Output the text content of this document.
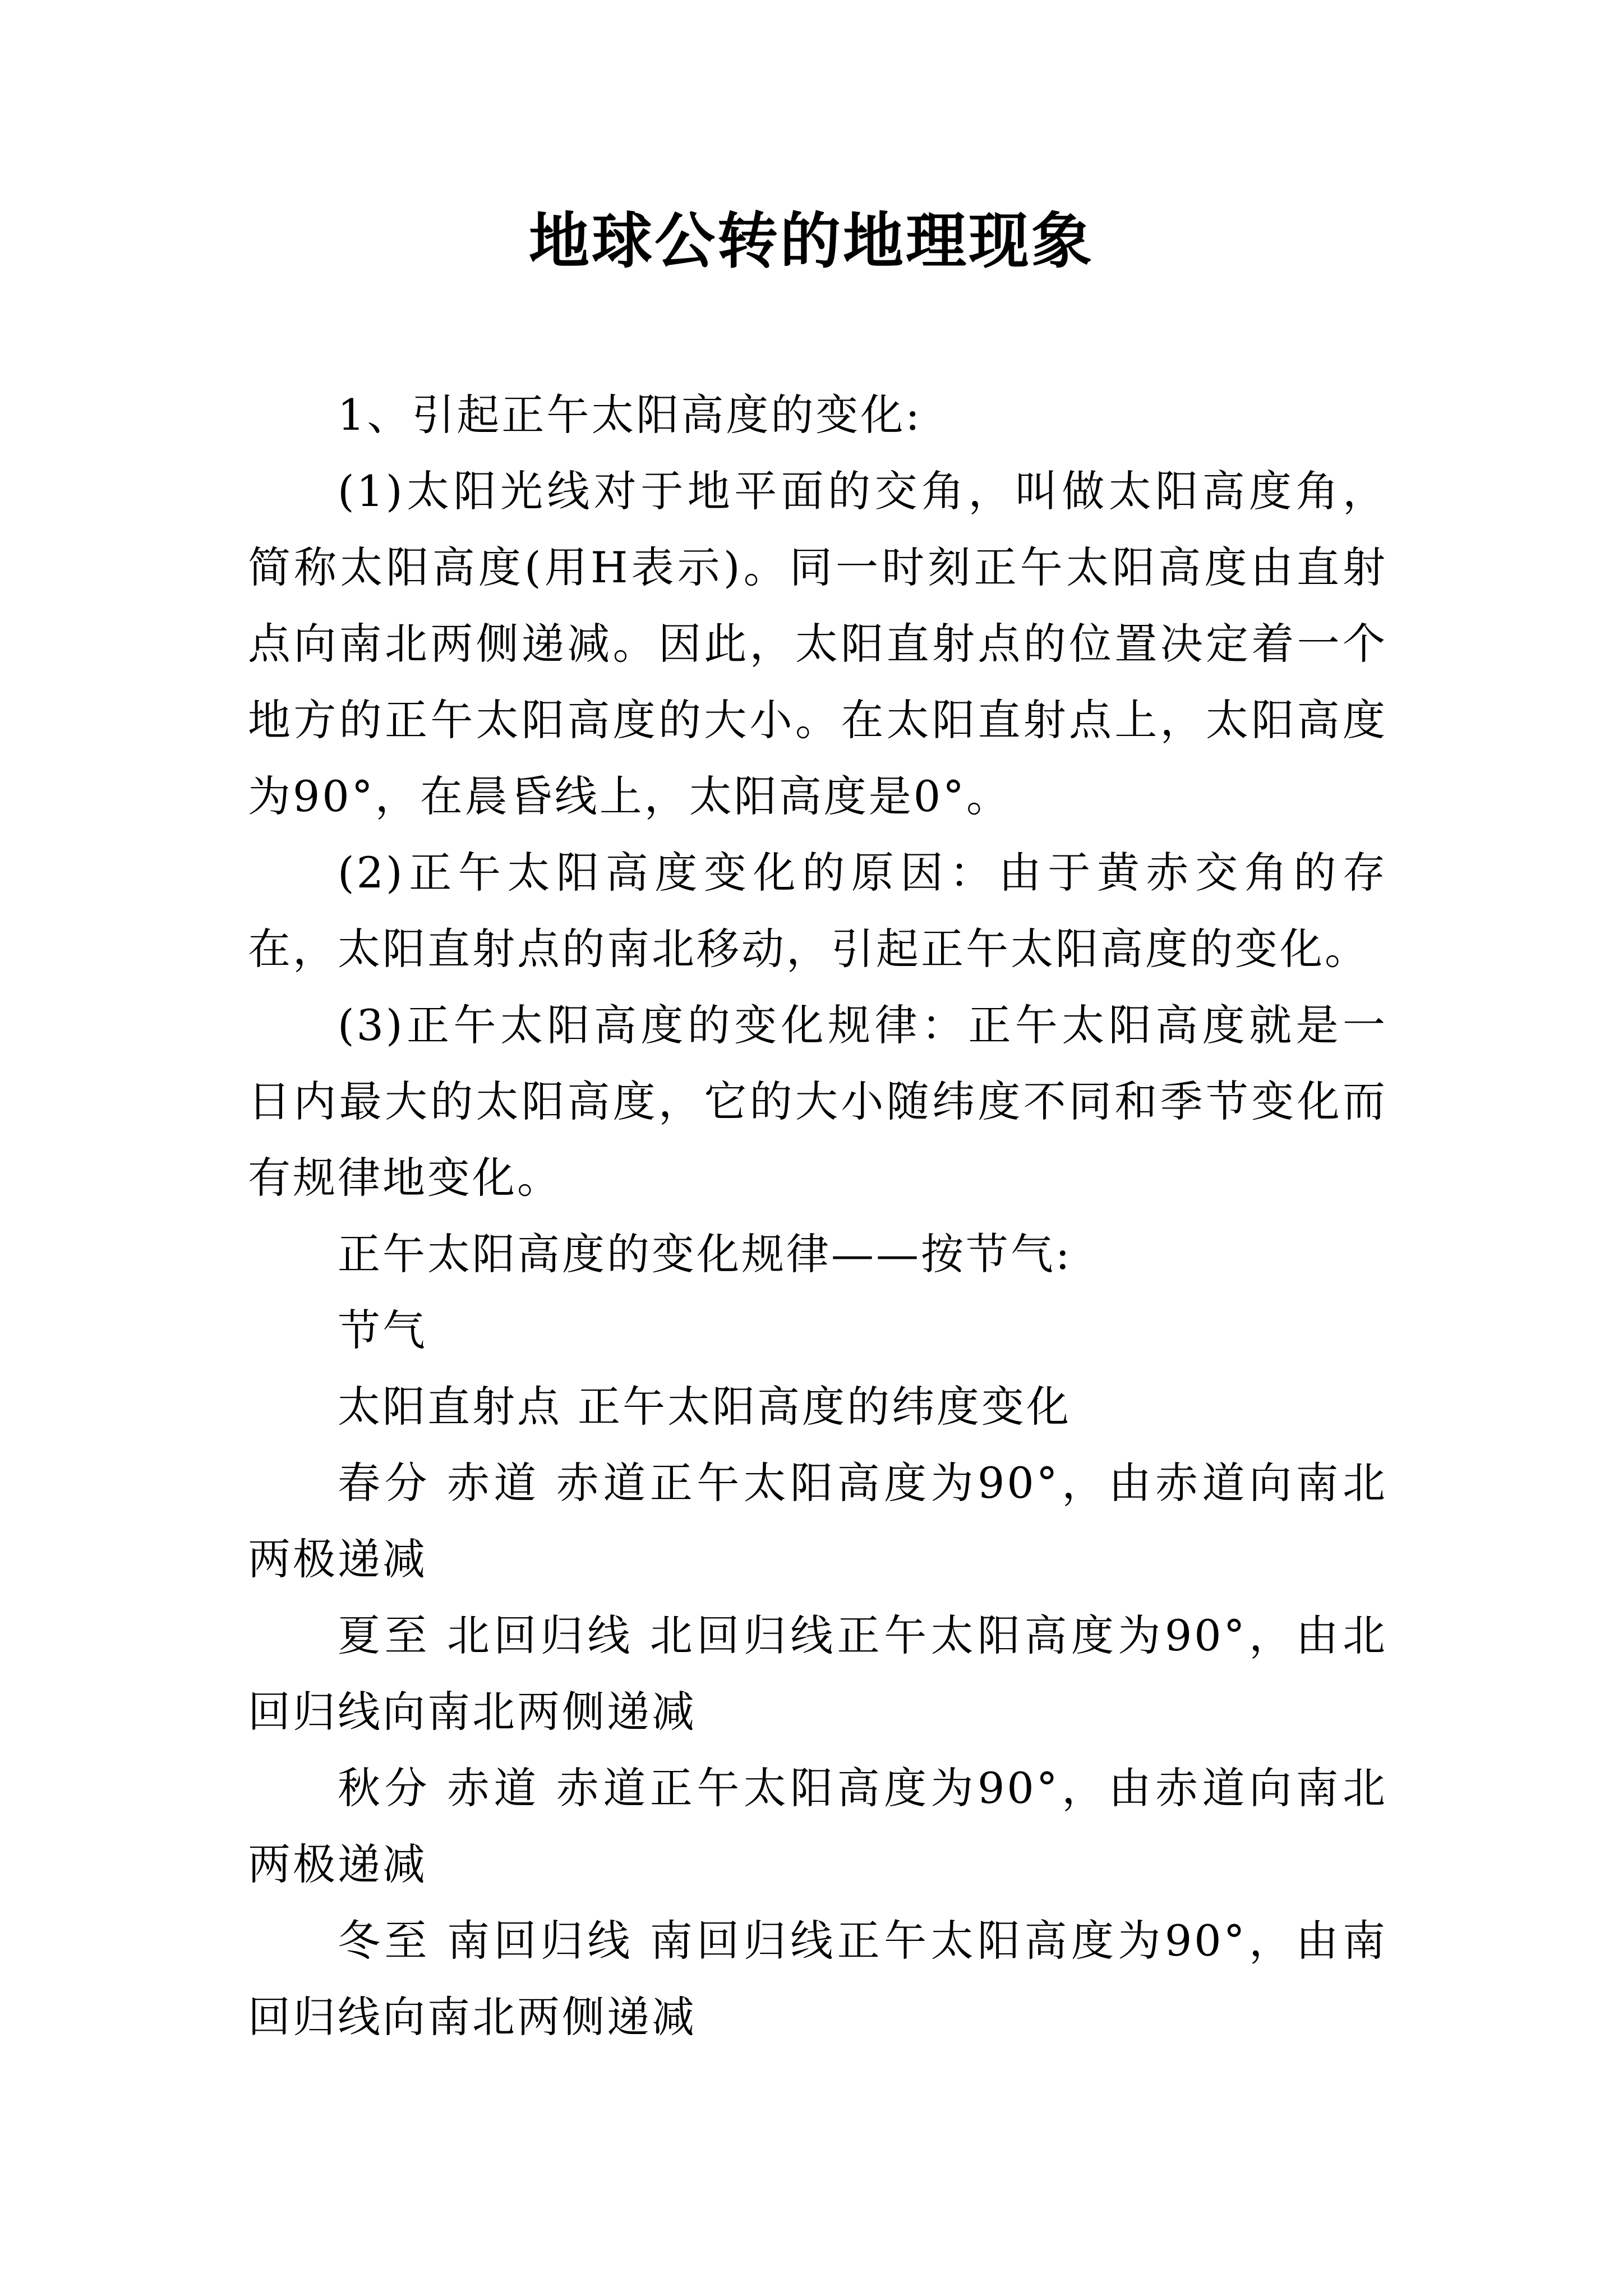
地球公转的地理现象

1、引起正午太阳高度的变化:

(1)太阳光线对于地平面的交角，叫做太阳高度角，简称太阳高度(用H表示)。同一时刻正午太阳高度由直射点向南北两侧递减。因此，太阳直射点的位置决定着一个地方的正午太阳高度的大小。在太阳直射点上，太阳高度为90°，在晨昏线上，太阳高度是0°。

(2)正午太阳高度变化的原因：由于黄赤交角的存在，太阳直射点的南北移动，引起正午太阳高度的变化。

(3)正午太阳高度的变化规律：正午太阳高度就是一日内最大的太阳高度，它的大小随纬度不同和季节变化而有规律地变化。

正午太阳高度的变化规律——按节气:

节气

太阳直射点 正午太阳高度的纬度变化

春分 赤道 赤道正午太阳高度为90°，由赤道向南北两极递减

夏至 北回归线 北回归线正午太阳高度为90°，由北回归线向南北两侧递减

秋分 赤道 赤道正午太阳高度为90°，由赤道向南北两极递减

冬至 南回归线 南回归线正午太阳高度为90°，由南回归线向南北两侧递减
